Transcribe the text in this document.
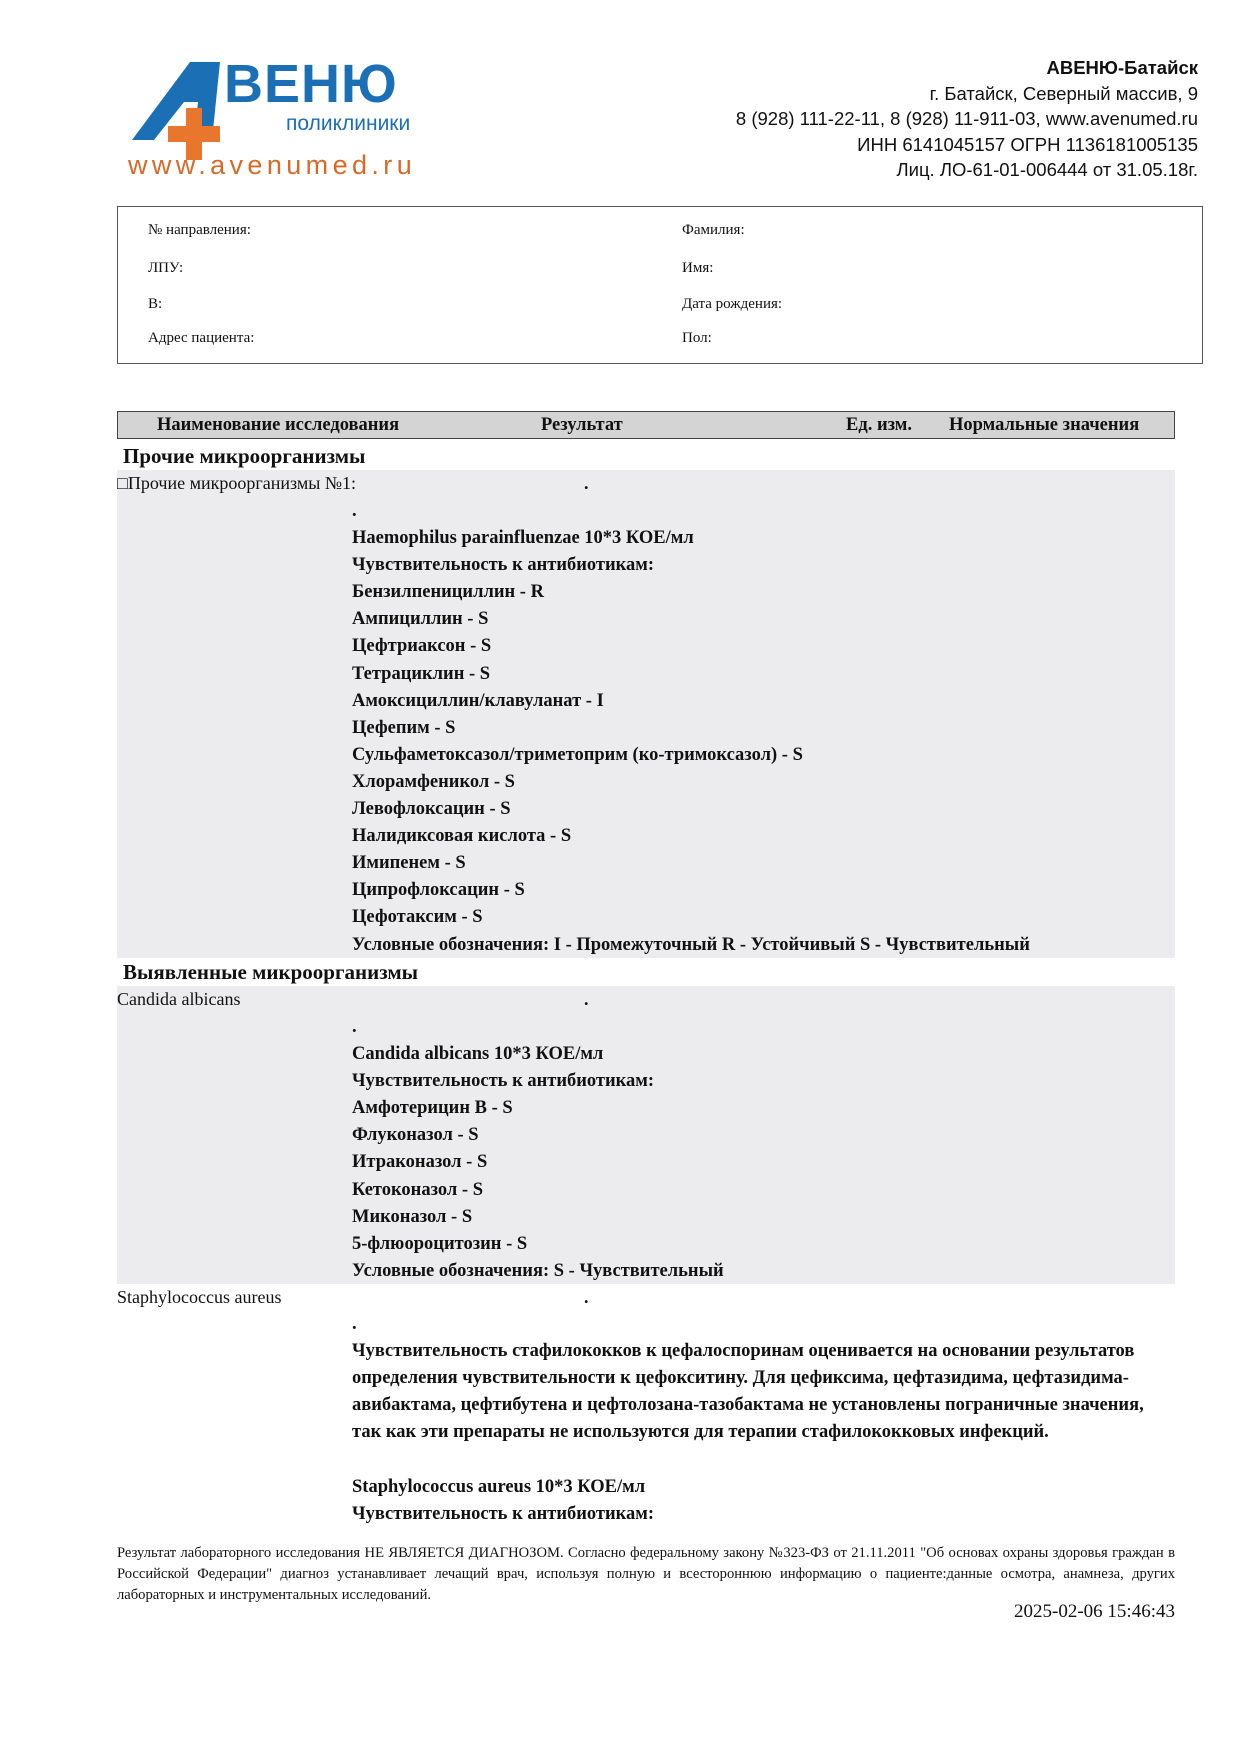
ВЕНЮ
поликлиники
www.avenumed.ru
АВЕНЮ-Батайск
г. Батайск, Северный массив, 9
8 (928) 111-22-11, 8 (928) 11-911-03, www.avenumed.ru
ИНН 6141045157 ОГРН 1136181005135
Лиц. ЛО-61-01-006444 от 31.05.18г.
№ направления:
ЛПУ:
В:
Адрес пациента:
Фамилия:
Имя:
Дата рождения:
Пол:
Наименование исследования	Результат	Ед. изм. Нормальные значения
Прочие микроорганизмы
□Прочие микроорганизмы №1:	.
.
Haemophilus parainfluenzae 10*3 КОЕ/мл
Чувствительность к антибиотикам:
Бензилпенициллин - R
Ампициллин - S
Цефтриаксон - S
Тетрациклин - S
Амоксициллин/клавуланат - I
Цефепим - S
Сульфаметоксазол/триметоприм (ко-тримоксазол) - S
Хлорамфеникол - S
Левофлоксацин - S
Налидиксовая кислота - S
Имипенем - S
Ципрофлоксацин - S
Цефотаксим - S
Условные обозначения: I - Промежуточный R - Устойчивый S - Чувствительный
Выявленные микроорганизмы
Candida albicans	.
.
Candida albicans 10*3 КОЕ/мл
Чувствительность к антибиотикам:
Амфотерицин В - S
Флуконазол - S
Итраконазол - S
Кетоконазол - S
Миконазол - S
5-флюороцитозин - S
Условные обозначения: S - Чувствительный
Staphylococcus aureus	.
.
Чувствительность стафилококков к цефалоспоринам оценивается на основании результатов определения чувствительности к цефокситину. Для цефиксима, цефтазидима, цефтазидима-авибактама, цефтибутена и цефтолозана-тазобактама не установлены пограничные значения, так как эти препараты не используются для терапии стафилококковых инфекций.
Staphylococcus aureus 10*3 КОЕ/мл
Чувствительность к антибиотикам:
Результат лабораторного исследования НЕ ЯВЛЯЕТСЯ ДИАГНОЗОМ. Согласно федеральному закону №323-ФЗ от 21.11.2011 "Об основах охраны здоровья граждан в Российской Федерации" диагноз устанавливает лечащий врач, используя полную и всестороннюю информацию о пациенте:данные осмотра, анамнеза, других лабораторных и инструментальных исследований.
2025-02-06 15:46:43
